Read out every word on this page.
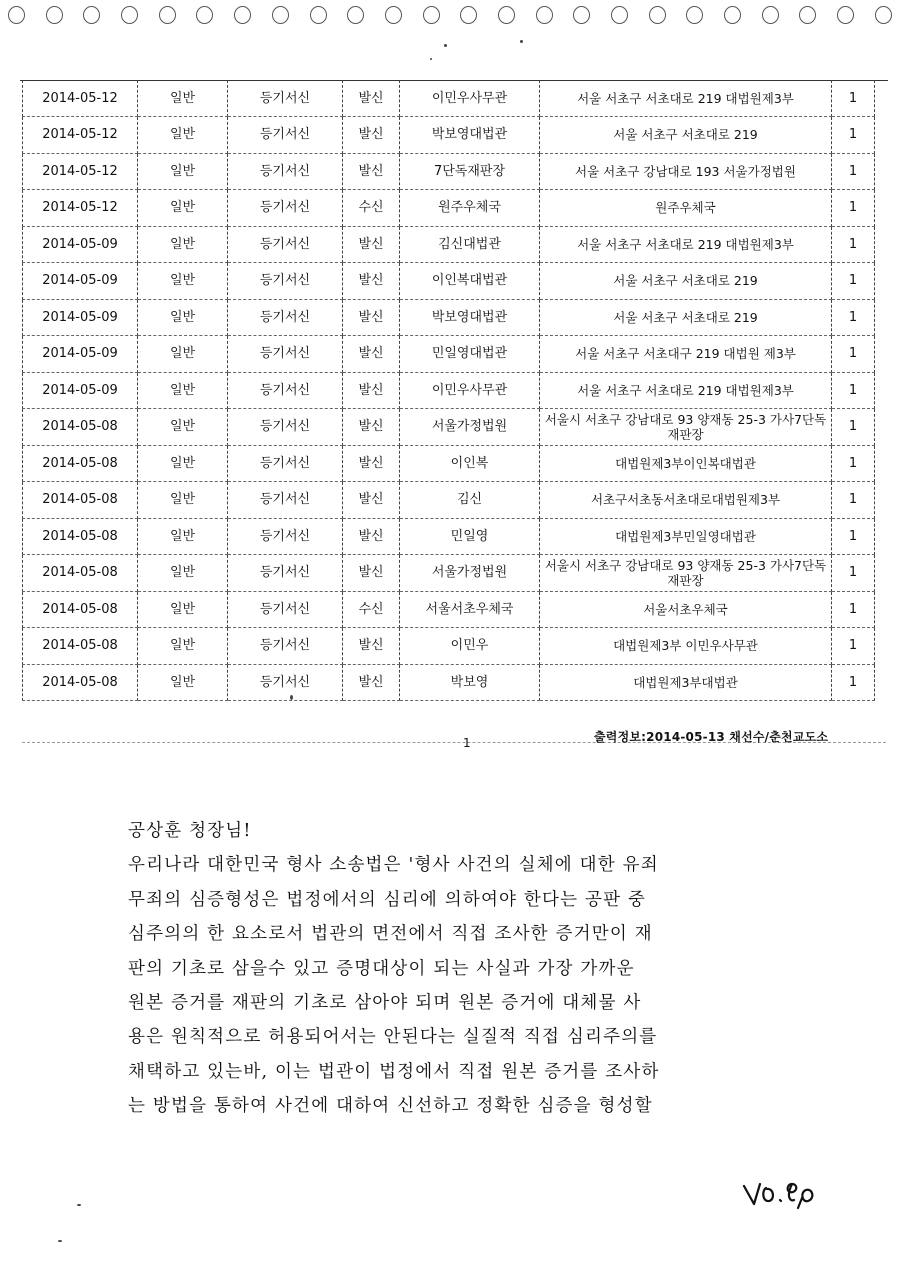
2014-05-12	일반	등기서신	발신	이민우사무관	서울 서초구 서초대로 219 대법원제3부	1
2014-05-12	일반	등기서신	발신	박보영대법관	서울 서초구 서초대로 219	1
2014-05-12	일반	등기서신	발신	7단독재판장	서울 서초구 강남대로 193 서울가정법원	1
2014-05-12	일반	등기서신	수신	원주우체국	원주우체국	1
2014-05-09	일반	등기서신	발신	김신대법관	서울 서초구 서초대로 219 대법원제3부	1
2014-05-09	일반	등기서신	발신	이인복대법관	서울 서초구 서초대로 219	1
2014-05-09	일반	등기서신	발신	박보영대법관	서울 서초구 서초대로 219	1
2014-05-09	일반	등기서신	발신	민일영대법관	서울 서초구 서초대구 219 대법원 제3부	1
2014-05-09	일반	등기서신	발신	이민우사무관	서울 서초구 서초대로 219 대법원제3부	1
2014-05-08	일반	등기서신	발신	서울가정법원	서울시 서초구 강남대로 93 양재동 25-3 가사7단독재판장	1
2014-05-08	일반	등기서신	발신	이인복	대법원제3부이인복대법관	1
2014-05-08	일반	등기서신	발신	김신	서초구서초동서초대로대법원제3부	1
2014-05-08	일반	등기서신	발신	민일영	대법원제3부민일영대법관	1
2014-05-08	일반	등기서신	발신	서울가정법원	서울시 서초구 강남대로 93 양재동 25-3 가사7단독재판장	1
2014-05-08	일반	등기서신	수신	서울서초우체국	서울서초우체국	1
2014-05-08	일반	등기서신	발신	이민우	대법원제3부 이민우사무관	1
2014-05-08	일반	등기서신	발신	박보영	대법원제3부대법관	1
1	출력정보:2014-05-13 채선수/춘천교도소

공상훈 청장님!

우리나라 대한민국 형사 소송법은 '형사 사건의 실체에 대한 유죄

무죄의 심증형성은 법정에서의 심리에 의하여야 한다는 공판 중

심주의의 한 요소로서 법관의 면전에서 직접 조사한 증거만이 재

판의 기초로 삼을수 있고 증명대상이 되는 사실과 가장 가까운

원본 증거를 재판의 기초로 삼아야 되며 원본 증거에 대체물 사

용은 원칙적으로 허용되어서는 안된다는 실질적 직접 심리주의를

채택하고 있는바, 이는 법관이 법정에서 직접 원본 증거를 조사하

는 방법을 통하여 사건에 대하여 신선하고 정확한 심증을 형성할
